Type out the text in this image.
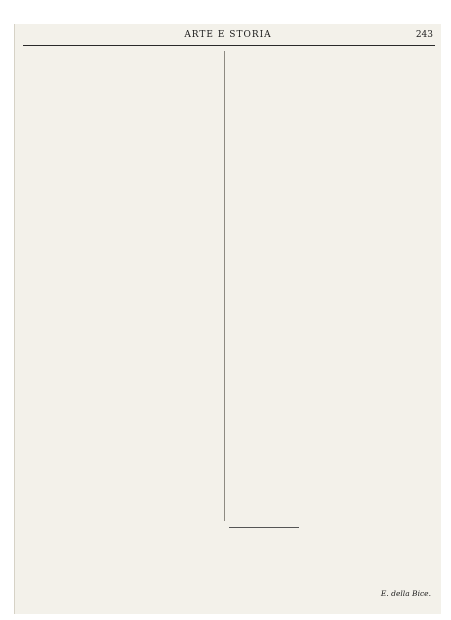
ARTE E STORIA	243
E. della Bice.
